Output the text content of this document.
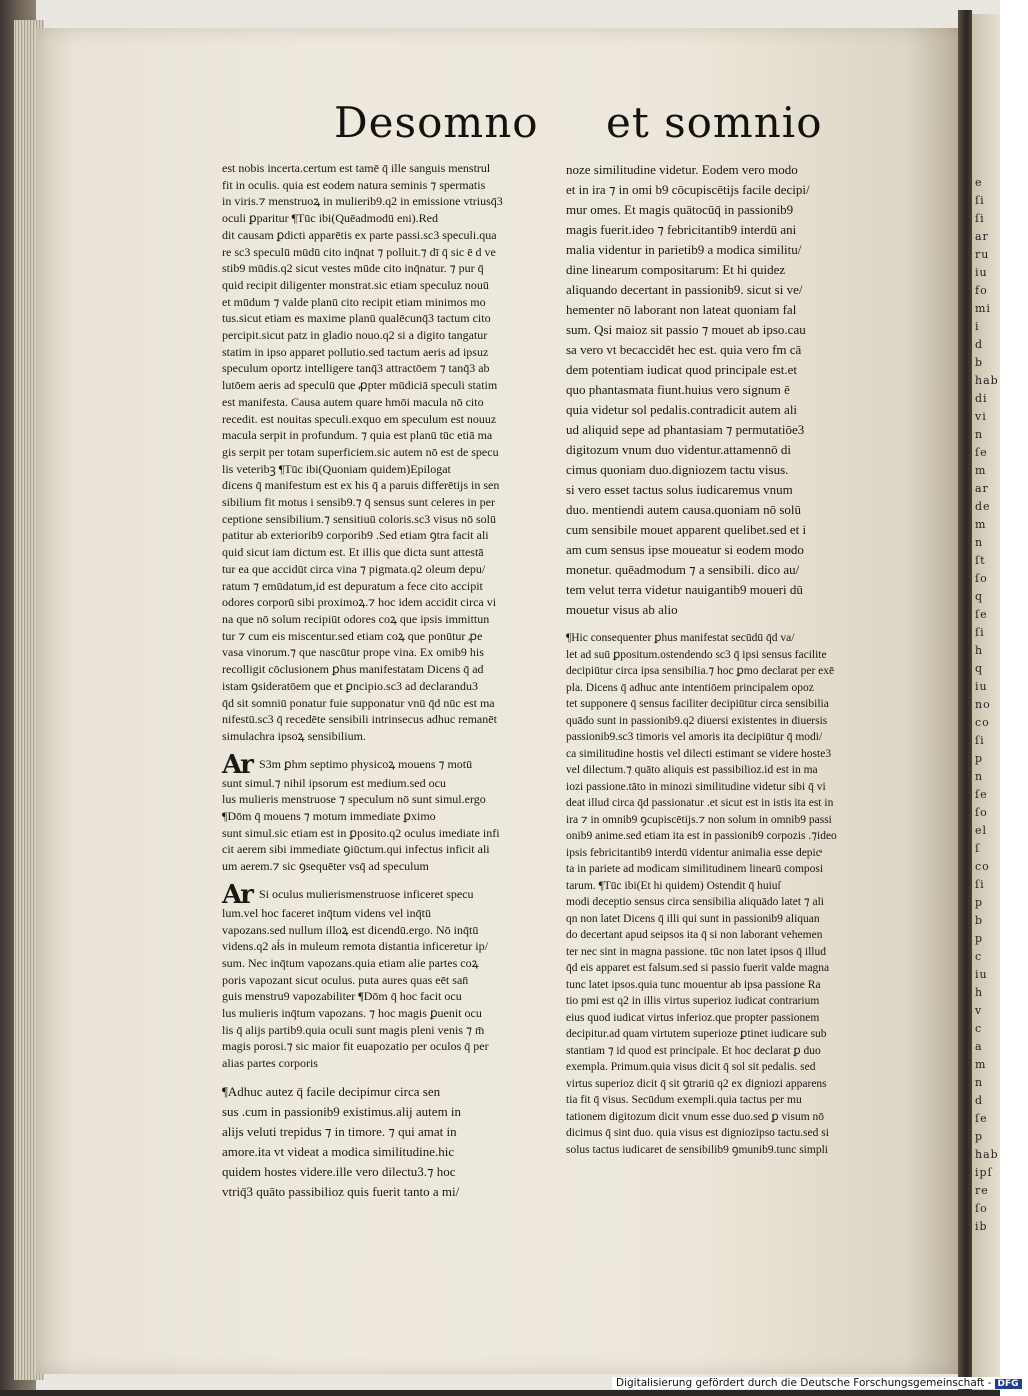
e
ſi
ſi
ar
ru
iu
fo
mi
i
d
b
hab
di
vi
n
ſe
m
ar
de
m
n
ſt
ſo
q
ſe
ſi
h
q
iu
no
co
ſi
p
n
ſe
ſo
el
ſ
co
ſi
p
b
p
c
iu
h
v
c
a
m
n
d
ſe
p
hab
ipſ
re
ſo
ib
Desomno et somnio

est nobis incerta.certum est tamē q̄ ille sanguis menstrul

fit in oculis. quia est eodem natura seminis ⁊ spermatis

in viris.⁊ menstruoꝝ in mulierib9.q2 in emissione vtriusq̄3

oculi ꝑparitur ¶Tūc ibi(Quēadmodū eni).Red

dit causam ꝑdicti apparētis ex parte passi.sc3 speculi.qua

re sc3 speculū mūdū cito inq̄nat ⁊ polluit.⁊ dī q̄ sic ē d ve

stib9 mūdis.q2 sicut vestes mūde cito inq̄natur. ⁊ pur q̄

quid recipit diligenter monstrat.sic etiam speculuz nouū

et mūdum ⁊ valde planū cito recipit etiam minimos mo

tus.sicut etiam es maxime planū qualēcunq̄3 tactum cito

percipit.sicut patz in gladio nouo.q2 si a digito tangatur

statim in ipso apparet pollutio.sed tactum aeris ad ipsuz

speculum oportz intelligere tanq̄3 attractōem ⁊ tanq̄3 ab

lutōem aeris ad speculū que ꝓpter mūdiciā speculi statim

est manifesta. Causa autem quare hmōi macula nō cito

recedit. est nouitas speculi.exquo em speculum est nouuz

macula serpit in profundum. ⁊ quia est planū tūc etiā ma

gis serpit per totam superficiem.sic autem nō est de specu

lis veteribꝫ ¶Tūc ibi(Quoniam quidem)Epilogat

dicens q̄ manifestum est ex his q̄ a paruis differētijs in sen

sibilium fit motus i sensib9.⁊ q̄ sensus sunt celeres in per

ceptione sensibilium.⁊ sensitiuū coloris.sc3 visus nō solū

patitur ab exteriorib9 corporib9 .Sed etiam ꝯtra facit ali

quid sicut iam dictum est. Et illis que dicta sunt attestā

tur ea que accidūt circa vina ⁊ pigmata.q2 oleum depu/

ratum ⁊ emūdatum,id est depuratum a fece cito accipit

odores corporū sibi proximoꝝ.⁊ hoc idem accidit circa vi

na que nō solum recipiūt odores coꝝ que ipsis immittun

tur ⁊ cum eis miscentur.sed etiam coꝝ que ponūtur ꝓe

vasa vinorum.⁊ que nascūtur prope vina. Ex omib9 his

recolligit cōclusionem ꝑhus manifestatam Dicens q̄ ad

istam ꝯsideratōem que et ꝑncipio.sc3 ad declarandu3

q̄d sit somniū ponatur fuie supponatur vnū q̄d nūc est ma

nifestū.sc3 q̄ recedēte sensibili intrinsecus adhuc remanēt

simulachra ipsoꝝ sensibilium.

Ar S3m ꝑhm septimo physicoꝝ mouens ⁊ motū

sunt simul.⁊ nihil ipsorum est medium.sed ocu

lus mulieris menstruose ⁊ speculum nō sunt simul.ergo

¶Dōm q̄ mouens ⁊ motum immediate ꝑximo

sunt simul.sic etiam est in ꝑposito.q2 oculus imediate infi

cit aerem sibi immediate ꝯiūctum.qui infectus inficit ali

um aerem.⁊ sic ꝯsequēter vsq̄ ad speculum

Ar Si oculus mulierismenstruose inficeret specu

lum.vel hoc faceret inq̄tum videns vel inq̄tū

vapozans.sed nullum illoꝝ est dicendū.ergo. Nō inq̄tū

videns.q2 ał́s in muleum remota distantia inficeretur ip/

sum. Nec inq̄tum vapozans.quia etiam alie partes coꝝ

poris vapozant sicut oculus. puta aures quas eēt san̄

guis menstru9 vapozabiliter ¶Dōm q̄ hoc facit ocu

lus mulieris inq̄tum vapozans. ⁊ hoc magis ꝑuenit ocu

lis q̄ alijs partib9.quia oculi sunt magis pleni venis ⁊ m̄

magis porosi.⁊ sic maior fit euapozatio per oculos q̄ per

alias partes corporis

¶Adhuc autez q̄ facile decipimur circa sen

sus .cum in passionib9 existimus.alij autem in

alijs veluti trepidus ⁊ in timore. ⁊ qui amat in

amore.ita vt videat a modica similitudine.hic

quidem hostes videre.ille vero dilectu3.⁊ hoc

vtriq̄3 quāto passibilioz quis fuerit tanto a mi/

noze similitudine videtur. Eodem vero modo

et in ira ⁊ in omi b9 cōcupiscētijs facile decipi/

mur omes. Et magis quātocūq̄ in passionib9

magis fuerit.ideo ⁊ febricitantib9 interdū ani

malia videntur in parietib9 a modica similitu/

dine linearum compositarum: Et hi quidez

aliquando decertant in passionib9. sicut si ve/

hementer nō laborant non lateat quoniam fal

sum. Qsi maioz sit passio ⁊ mouet ab ipso.cau

sa vero vt becaccidēt hec est. quia vero fm cā

dem potentiam iudicat quod principale est.et

quo phantasmata fiunt.huius vero signum ē

quia videtur sol pedalis.contradicit autem ali

ud aliquid sepe ad phantasiam ⁊ permutatiōe3

digitozum vnum duo videntur.attamennō di

cimus quoniam duo.digniozem tactu visus.

si vero esset tactus solus iudicaremus vnum

duo. mentiendi autem causa.quoniam nō solū

cum sensibile mouet apparent quelibet.sed et i

am cum sensus ipse moueatur si eodem modo

monetur. quēadmodum ⁊ a sensibili. dico au/

tem velut terra videtur nauigantib9 moueri dū

mouetur visus ab alio

¶Hic consequenter ꝑhus manifestat secūdū q̄d va/

let ad suū ꝑpositum.ostendendo sc3 q̄ ipsi sensus facilite

decipiūtur circa ipsa sensibilia.⁊ hoc ꝑmo declarat per exē

pla. Dicens q̄ adhuc ante intentiōem principalem opoz

tet supponere q̄ sensus faciliter decipiūtur circa sensibilia

quādo sunt in passionib9.q2 diuersi existentes in diuersis

passionib9.sc3 timoris vel amoris ita decipiūtur q̄ modi/

ca similitudine hostis vel dilecti estimant se videre hoste3

vel dilectum.⁊ quāto aliquis est passibilioz.id est in ma

iozi passione.tāto in minozi similitudine videtur sibi q̄ vi

deat illud circa q̄d passionatur .et sicut est in istis ita est in

ira ⁊ in omnib9 ꝯcupiscētijs.⁊ non solum in omnib9 passi

onib9 anime.sed etiam ita est in passionib9 corpozis .⁊ideo

ipsis febricitantib9 interdū videntur animalia esse depicͣ

ta in pariete ad modicam similitudinem linearū composi

tarum. ¶Tūc ibi(Et hi quidem) Ostendit q̄ huiuſ

modi deceptio sensus circa sensibilia aliquādo latet ⁊ ali

qn non latet Dicens q̄ illi qui sunt in passionib9 aliquan

do decertant apud seipsos ita q̄ si non laborant vehemen

ter nec sint in magna passione. tūc non latet ipsos q̄ illud

q̄d eis apparet est falsum.sed si passio fuerit valde magna

tunc latet ipsos.quia tunc mouentur ab ipsa passione Ra

tio pmi est q2 in illis virtus superioz iudicat contrarium

eius quod iudicat virtus inferioz.que propter passionem

decipitur.ad quam virtutem superioze ꝑtinet iudicare sub

stantiam ⁊ id quod est principale. Et hoc declarat ꝑ duo

exempla. Primum.quia visus dicit q̄ sol sit pedalis. sed

virtus superioz dicit q̄ sit ꝯtrariū q2 ex digniozi apparens

tia fit q̄ visus. Secūdum exempli.quia tactus per mu

tationem digitozum dicit vnum esse duo.sed ꝑ visum nō

dicimus q̄ sint duo. quia visus est digniozipso tactu.sed si

solus tactus iudicaret de sensibilib9 ꝯmunib9.tunc simpli

Digitalisierung gefördert durch die Deutsche Forschungsgemeinschaft - DFG
